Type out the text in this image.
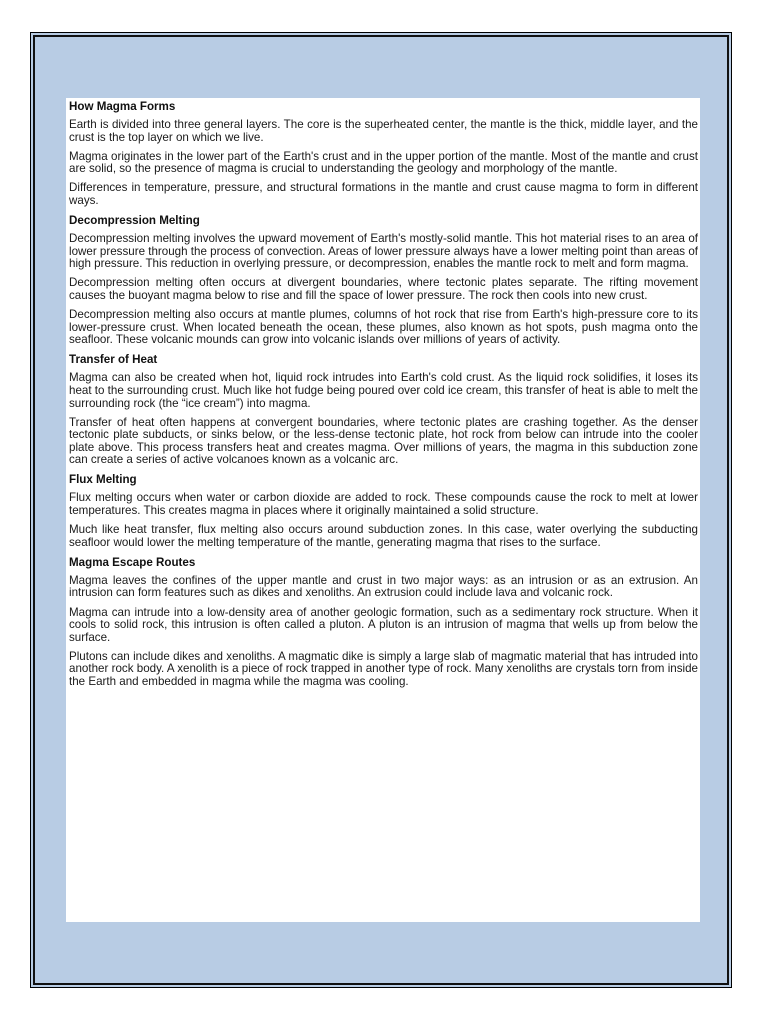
How Magma Forms

Earth is divided into three general layers. The core is the superheated center, the mantle is the thick, middle layer, and the crust is the top layer on which we live.

Magma originates in the lower part of the Earth's crust and in the upper portion of the mantle. Most of the mantle and crust are solid, so the presence of magma is crucial to understanding the geology and morphology of the mantle.

Differences in temperature, pressure, and structural formations in the mantle and crust cause magma to form in different ways.

Decompression Melting

Decompression melting involves the upward movement of Earth's mostly-solid mantle. This hot material rises to an area of lower pressure through the process of convection. Areas of lower pressure always have a lower melting point than areas of high pressure. This reduction in overlying pressure, or decompression, enables the mantle rock to melt and form magma.

Decompression melting often occurs at divergent boundaries, where tectonic plates separate. The rifting movement causes the buoyant magma below to rise and fill the space of lower pressure. The rock then cools into new crust.

Decompression melting also occurs at mantle plumes, columns of hot rock that rise from Earth's high-pressure core to its lower-pressure crust. When located beneath the ocean, these plumes, also known as hot spots, push magma onto the seafloor. These volcanic mounds can grow into volcanic islands over millions of years of activity.

Transfer of Heat

Magma can also be created when hot, liquid rock intrudes into Earth's cold crust. As the liquid rock solidifies, it loses its heat to the surrounding crust. Much like hot fudge being poured over cold ice cream, this transfer of heat is able to melt the surrounding rock (the “ice cream”) into magma.

Transfer of heat often happens at convergent boundaries, where tectonic plates are crashing together. As the denser tectonic plate subducts, or sinks below, or the less-dense tectonic plate, hot rock from below can intrude into the cooler plate above. This process transfers heat and creates magma. Over millions of years, the magma in this subduction zone can create a series of active volcanoes known as a volcanic arc.

Flux Melting

Flux melting occurs when water or carbon dioxide are added to rock. These compounds cause the rock to melt at lower temperatures. This creates magma in places where it originally maintained a solid structure.

Much like heat transfer, flux melting also occurs around subduction zones. In this case, water overlying the subducting seafloor would lower the melting temperature of the mantle, generating magma that rises to the surface.

Magma Escape Routes

Magma leaves the confines of the upper mantle and crust in two major ways: as an intrusion or as an extrusion. An intrusion can form features such as dikes and xenoliths. An extrusion could include lava and volcanic rock.

Magma can intrude into a low-density area of another geologic formation, such as a sedimentary rock structure. When it cools to solid rock, this intrusion is often called a pluton. A pluton is an intrusion of magma that wells up from below the surface.

Plutons can include dikes and xenoliths. A magmatic dike is simply a large slab of magmatic material that has intruded into another rock body. A xenolith is a piece of rock trapped in another type of rock. Many xenoliths are crystals torn from inside the Earth and embedded in magma while the magma was cooling.
